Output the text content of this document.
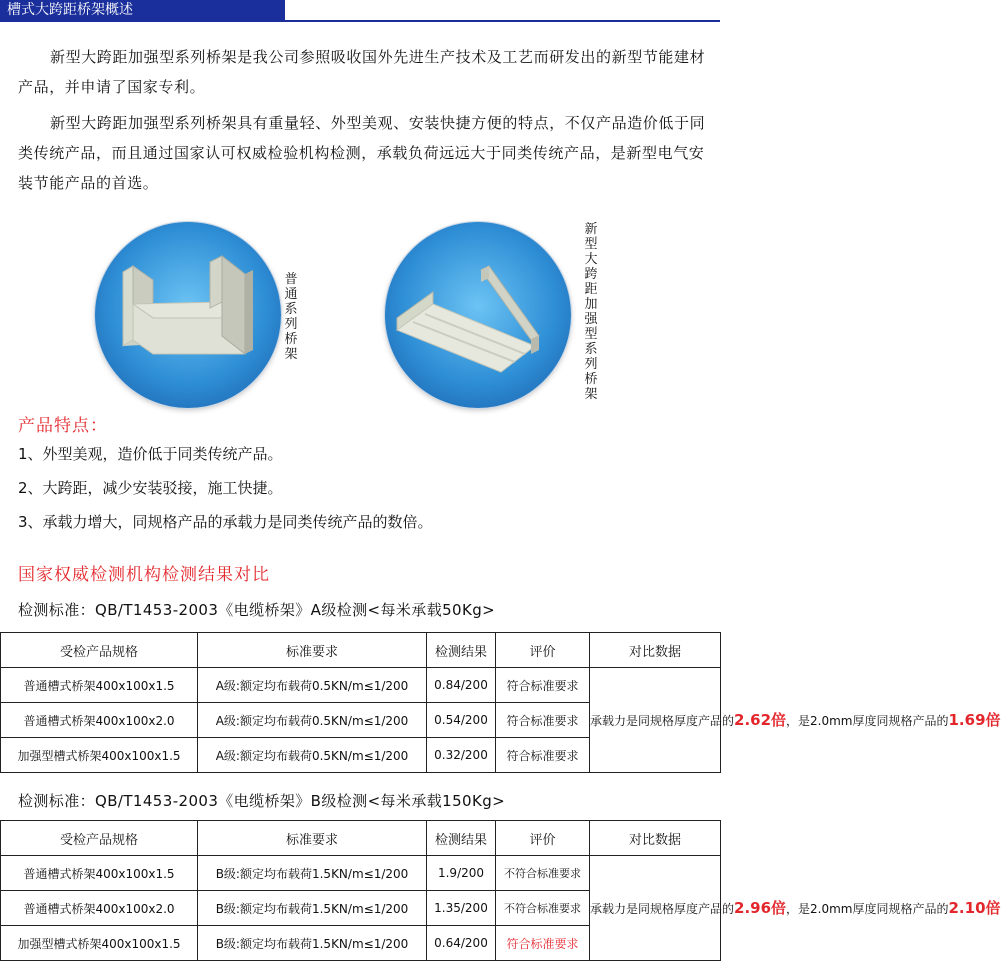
槽式大跨距桥架概述
新型大跨距加强型系列桥架是我公司参照吸收国外先进生产技术及工艺而研发出的新型节能建材产品，并申请了国家专利。
新型大跨距加强型系列桥架具有重量轻、外型美观、安装快捷方便的特点，不仅产品造价低于同类传统产品，而且通过国家认可权威检验机构检测，承载负荷远远大于同类传统产品，是新型电气安装节能产品的首选。
普通系列桥架
新型大跨距加强型系列桥架
产品特点：
1、外型美观，造价低于同类传统产品。
2、大跨距，减少安装驳接，施工快捷。
3、承载力增大，同规格产品的承载力是同类传统产品的数倍。
国家权威检测机构检测结果对比
检测标准：QB/T1453-2003《电缆桥架》A级检测<每米承载50Kg>
受检产品规格	标准要求	检测结果	评价	对比数据
普通槽式桥架400x100x1.5	A级:额定均布载荷0.5KN/m≤1/200	0.84/200	符合标准要求	承载力是同规格厚度产品的2.62倍，是2.0mm厚度同规格产品的1.69倍
普通槽式桥架400x100x2.0	A级:额定均布载荷0.5KN/m≤1/200	0.54/200	符合标准要求	
加强型槽式桥架400x100x1.5	A级:额定均布载荷0.5KN/m≤1/200	0.32/200	符合标准要求	
检测标准：QB/T1453-2003《电缆桥架》B级检测<每米承载150Kg>
受检产品规格	标准要求	检测结果	评价	对比数据
普通槽式桥架400x100x1.5	B级:额定均布载荷1.5KN/m≤1/200	1.9/200	不符合标准要求	承载力是同规格厚度产品的2.96倍，是2.0mm厚度同规格产品的2.10倍
普通槽式桥架400x100x2.0	B级:额定均布载荷1.5KN/m≤1/200	1.35/200	不符合标准要求	
加强型槽式桥架400x100x1.5	B级:额定均布载荷1.5KN/m≤1/200	0.64/200	符合标准要求	
